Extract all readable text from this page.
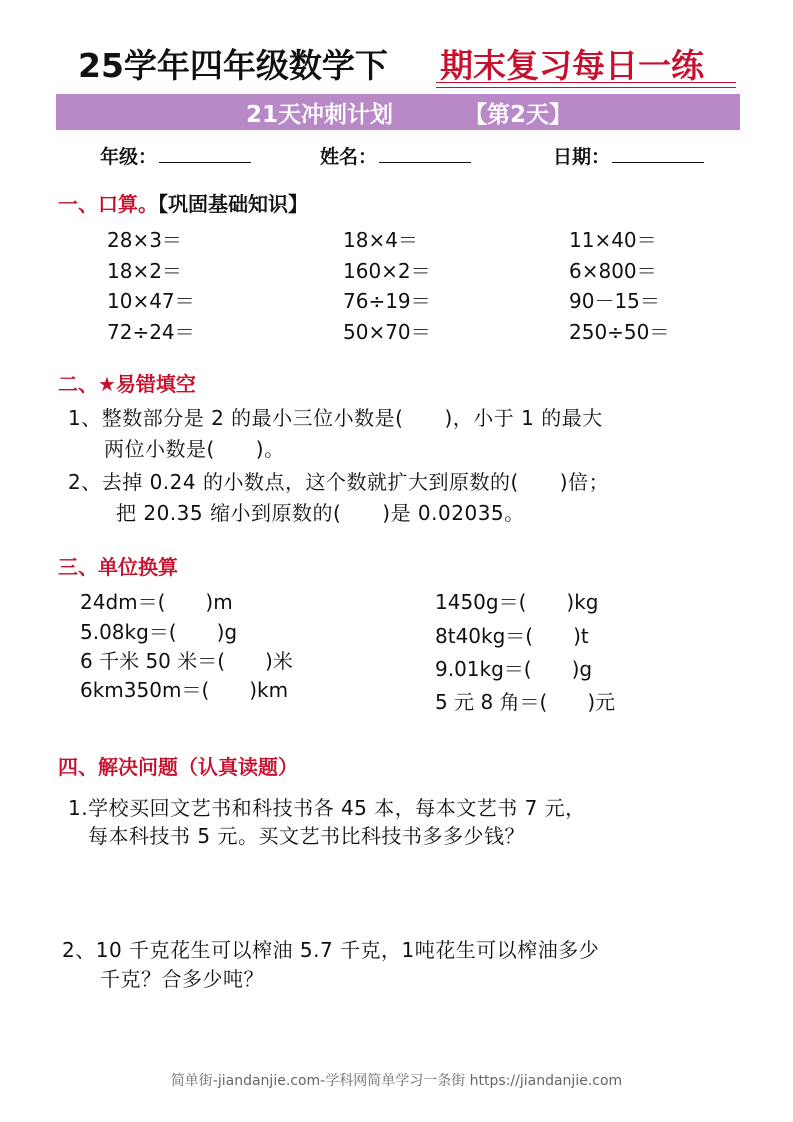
25学年四年级数学下 期末复习每日一练
21天冲刺计划	【第2天】
年级：	姓名：	日期：
一、口算。【巩固基础知识】
28×3＝	18×4＝	11×40＝
18×2＝	160×2＝	6×800＝
10×47＝	76÷19＝	90－15＝
72÷24＝	50×70＝	250÷50＝
二、★易错填空
1、整数部分是 2 的最小三位小数是(　　)，小于 1 的最大
两位小数是(　　)。
2、去掉 0.24 的小数点，这个数就扩大到原数的(　　)倍；
把 20.35 缩小到原数的(　　)是 0.02035。
三、单位换算
24dm＝(　　)m
5.08kg＝(　　)g
6 千米 50 米＝(　　)米
6km350m＝(　　)km
1450g＝(　　)kg
8t40kg＝(　　)t
9.01kg＝(　　)g
5 元 8 角＝(　　)元
四、解决问题（认真读题）
1.学校买回文艺书和科技书各 45 本，每本文艺书 7 元，
每本科技书 5 元。买文艺书比科技书多多少钱？
2、10 千克花生可以榨油 5.7 千克，1吨花生可以榨油多少
千克？合多少吨？
简单街-jiandanjie.com-学科网简单学习一条街 https://jiandanjie.com
